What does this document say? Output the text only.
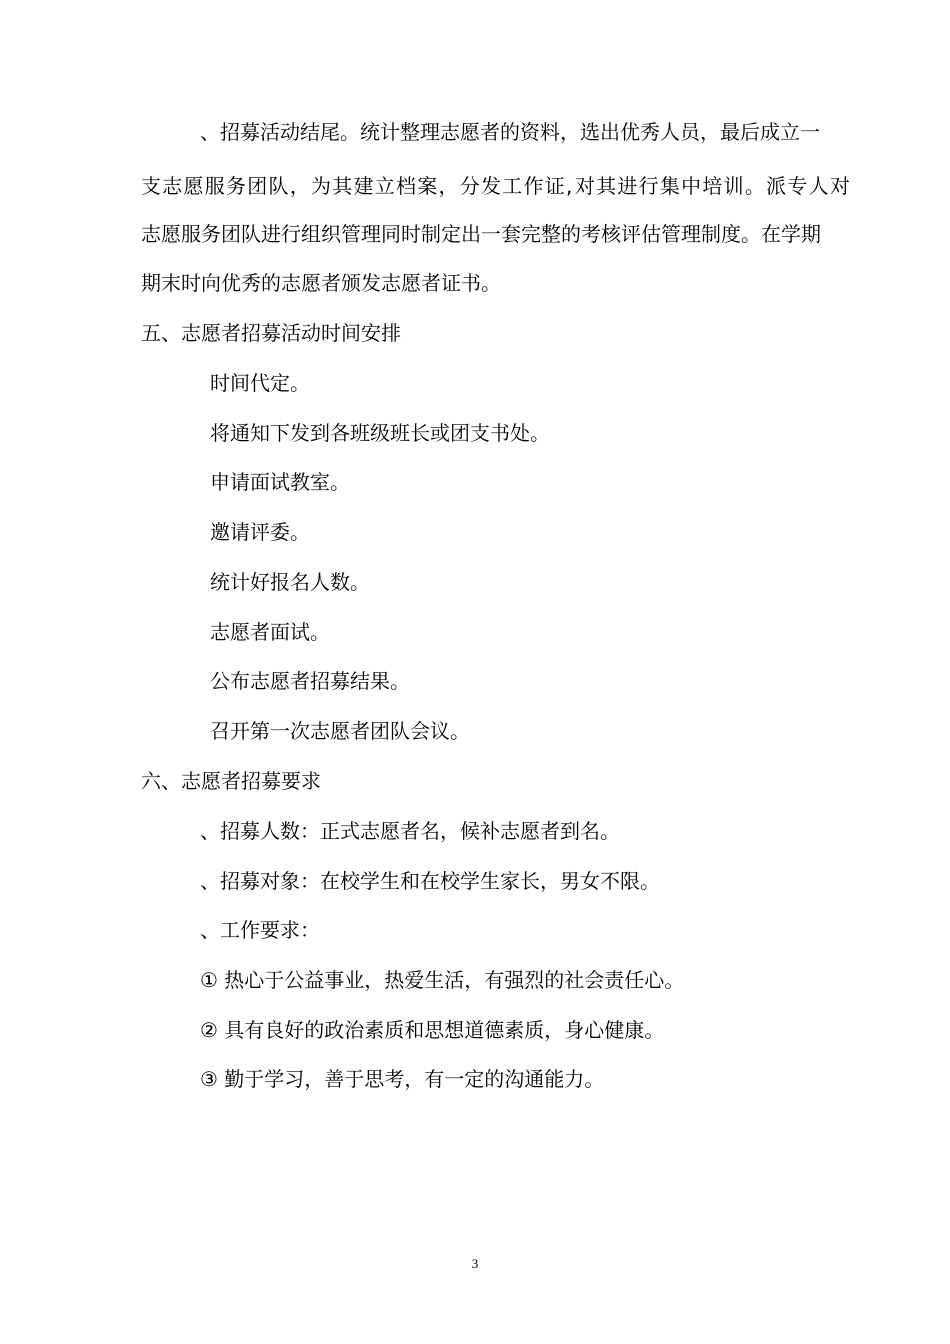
、招募活动结尾。统计整理志愿者的资料，选出优秀人员，最后成立一
支 志 愿 服 务 团 队 ， 为 其 建 立 档 案 ， 分 发 工 作 证 , 对 其 进 行 集 中 培 训 。 派 专 人 对
志愿服务团队进行组织管理同时制定出一套完整的考核评估管理制度。在学期
期末时向优秀的志愿者颁发志愿者证书。
五、志愿者招募活动时间安排
时间代定。
将通知下发到各班级班长或团支书处。
申请面试教室。
邀请评委。
统计好报名人数。
志愿者面试。
公布志愿者招募结果。
召开第一次志愿者团队会议。
六、志愿者招募要求
、招募人数：正式志愿者名，候补志愿者到名。
、招募对象：在校学生和在校学生家长，男女不限。
、工作要求：
① 热心于公益事业，热爱生活，有强烈的社会责任心。
② 具有良好的政治素质和思想道德素质，身心健康。
③ 勤于学习，善于思考，有一定的沟通能力。
3
